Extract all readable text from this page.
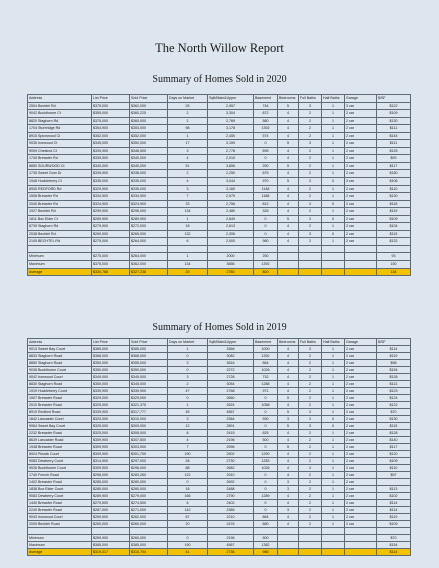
The North Willow Report
Summary of Homes Sold in 2020
Address	List Price	Sold Price	Days on Market	Sqft/Main&Upper	Basement	Bedrooms	Full Baths	Half Baths	Garage	$/SF
2504 Bechtel Rd	$375,000	$362,000	25	2,957	744	5	3	1	3 car	$122
9042 Buckthorne Ct	$355,000	$360,225	2	3,304	872	4	2	1	2 car	$109
8820 Staghorn Rd	$375,000	$360,000	2	2,769	580	4	2	1	2 car	$130
1704 Sturbridge Rd	$354,900	$353,000	98	3,178	1392	4	2	1	2 car	$111
8915 Spicewood Ct	$352,000	$352,000	1	2,450	574	4	2	1	2 car	$144
9035 Ironwood Ct	$345,000	$350,000	17	3,159	0	5	3	1	2 car	$111
9009 Chestnut Ct	$339,900	$346,500	3	2,778	695	4	2	1	2 car	$125
1740 Brewster Rd	$339,500	$340,000	4	2,010	0	4	2	1	2 car	$93
8850 SOURWOOD Ct	$340,000	$340,000	51	3,656	250	5	2	1	2 car	$117
1735 Sweet Gum Dr	$339,900	$338,000	2	2,250	675	4	2	1	2 car	$150
1948 Huckleberry Ct	$335,000	$335,000	4	3,044	970	5	3	0	3 car	$106
8930 REDFORD Rd	$329,900	$335,000	3	3,160	1148	4	2	1	2 car	$110
1508 Brewster Rd	$334,900	$334,900	7	2,579	1188	4	2	1	2 car	$130
2040 Brewster Rd	$324,900	$324,900	33	2,756	812	4	3	0	2 car	$118
1927 Bechtel Rd	$299,900	$296,000	134	2,480	326	4	2	1	2 car	$119
1811 Box Elder Ct	$289,900	$289,900	1	2,649	0	5	3	0	2 car	$109
8739 Staghorn Rd	$279,900	$272,000	18	2,613	0	4	2	1	2 car	$104
2038 Bechtel Rd	$269,900	$265,000	132	2,306	0	4	3	0	2 car	$115
2105 BECHTEL Rd	$275,000	$264,000	6	2,000	980	4	2	1	2 car	$132

Minimum	$275,000	$264,000	1	2000	250					93
Maximum	$375,000	$362,000	134	3656	1392					150
Average	$330,768	$327,238	29	2780	800					118
Summary of Homes Sold in 2019
Address	List Price	Sold Price	Days on Market	Sqft/Main&Upper	Basement	Bedrooms	Full Baths	Half Baths	Garage	$/SF
9013 Sweet Bay Court	$385,000	$385,000	1	3366	1000	4	3	1	2 car	$114
8833 Staghorn Road	$368,000	$368,000	0	3082	1392	4	2	1	2 car	$119
8850 Staghorn Road	$350,000	$355,000	3	3616	864	4	2	1	2 car	$98
9036 Buckthorne Court	$350,000	$350,000	0	2272	1026	4	2	1	2 car	$154
9042 Ironwood Court	$349,000	$349,000	3	2728	732	4	2	1	2 car	$128
8830 Staghorn Road	$350,000	$345,000	2	3054	1288	4	2	1	2 car	$113
1919 Huckleberry Court	$339,900	$339,900	47	2768	971	4	2	1	2 car	$123
1507 Brewster Road	$329,000	$329,000	0	2660	0	5	2	1	2 car	$124
2010 Brewster Road	$325,000	$321,375	1	2624	1058	4	2	1	2 car	$122
8919 Redford Road	$339,900	$317,777	45	4567	0	5	3	1	2 car	$70
1642 Lancaster Court	$320,000	$310,000	3	2384	930	3	3	0	2 car	$130
9064 Sweet Bay Court	$325,000	$309,000	12	2891	0	5	3	0	2 car	$115
2232 Brewster Road	$325,000	$308,000	8	2415	625	4	2	1	2 car	$128
8639 Lancaster Road	$309,900	$307,500	4	2196	500	4	2	1	2 car	$140
1948 Brewster Road	$309,900	$303,000	7	2996	0	5	2	1	2 car	$117
8924 Pinoak Court	$309,900	$301,700	190	2502	1290	4	2	1	2 car	$120
9083 Dewberry Court	$314,900	$297,000	28	2730	1283	4	2	1	2 car	$109
9026 Buckthorne Court	$309,900	$296,000	88	2682	1026	4	3	1	2 car	$110
1740 French Road	$296,000	$283,260	122	2910	0	4	2	1	2 car	$97
1402 Brewster Road	$285,000	$280,000	0	2692	0	3	2	1	2 car	
1838 Box Elder Court	$285,000	$280,000	18	2488	0	3	2	1	2 car	$113
9083 Dewberry Court	$289,900	$279,000	166	2790	1289	4	2	1	2 car	$102
1440 Brewster Road	$279,500	$274,500	6	2402	0	4	2	1	2 car	$114
2240 Brewster Road	$287,000	$271,000	142	2385	0	3	2	1	2 car	$114
9043 Ironwood Court	$269,900	$262,000	67	2210	864	4	2	1	2 car	$119
2009 Bechtel Road	$260,000	$260,000	20	2476	680	4	2	1	2 car	$109

Minimum	$269,900	$260,000	0	2196	500					$70
Maximum	$385,000	$385,000	190	4567	1382					$154
Average	$319,317	$310,704	41	2736	986					$114
